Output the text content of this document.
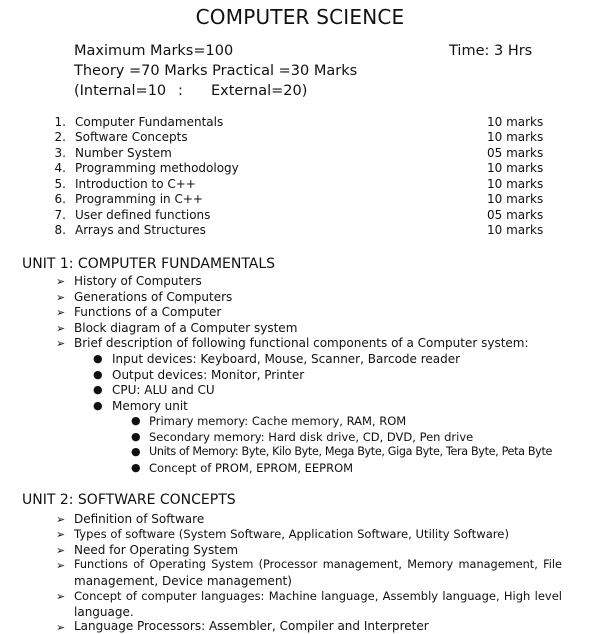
COMPUTER SCIENCE
Maximum Marks=100	Time: 3 Hrs
Theory =70 Marks Practical =30 Marks
(Internal=10 : External=20)
1. Computer Fundamentals	10 marks
2. Software Concepts	10 marks
3. Number System	05 marks
4. Programming methodology	10 marks
5. Introduction to C++	10 marks
6. Programming in C++	10 marks
7. User defined functions	05 marks
8. Arrays and Structures	10 marks
UNIT 1: COMPUTER FUNDAMENTALS
➢ History of Computers
➢ Generations of Computers
➢ Functions of a Computer
➢ Block diagram of a Computer system
➢ Brief description of following functional components of a Computer system:
● Input devices: Keyboard, Mouse, Scanner, Barcode reader
● Output devices: Monitor, Printer
● CPU: ALU and CU
● Memory unit
● Primary memory: Cache memory, RAM, ROM
● Secondary memory: Hard disk drive, CD, DVD, Pen drive
● Units of Memory: Byte, Kilo Byte, Mega Byte, Giga Byte, Tera Byte, Peta Byte
● Concept of PROM, EPROM, EEPROM
UNIT 2: SOFTWARE CONCEPTS
➢ Definition of Software
➢ Types of software (System Software, Application Software, Utility Software)
➢ Need for Operating System
➢ Functions of Operating System (Processor management, Memory management, File
management, Device management)
➢ Concept of computer languages: Machine language, Assembly language, High level
language.
➢ Language Processors: Assembler, Compiler and Interpreter
